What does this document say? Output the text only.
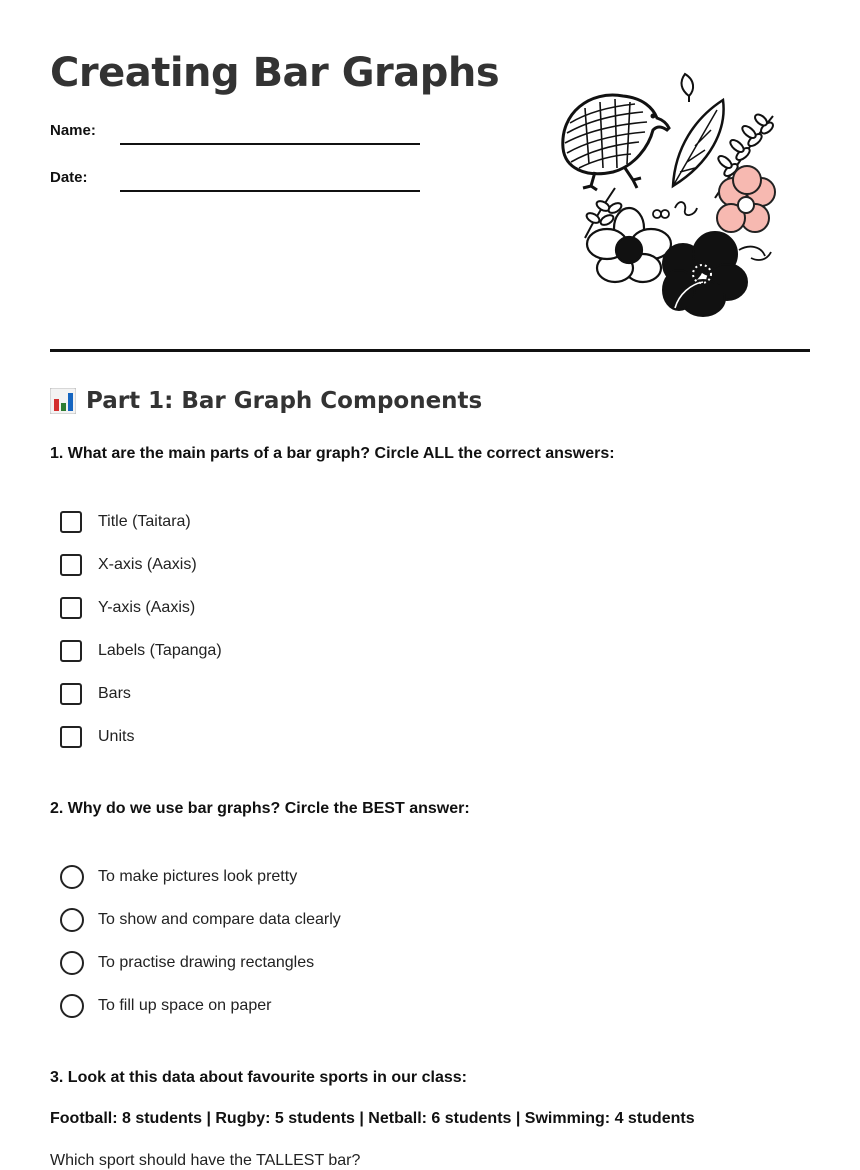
Creating Bar Graphs
Name:
Date:
Part 1: Bar Graph Components

1. What are the main parts of a bar graph? Circle ALL the correct answers:

Title (Taitara)
X-axis (Aaxis)
Y-axis (Aaxis)
Labels (Tapanga)
Bars
Units

2. Why do we use bar graphs? Circle the BEST answer:

To make pictures look pretty
To show and compare data clearly
To practise drawing rectangles
To fill up space on paper

3. Look at this data about favourite sports in our class:

Football: 8 students | Rugby: 5 students | Netball: 6 students | Swimming: 4 students

Which sport should have the TALLEST bar?
